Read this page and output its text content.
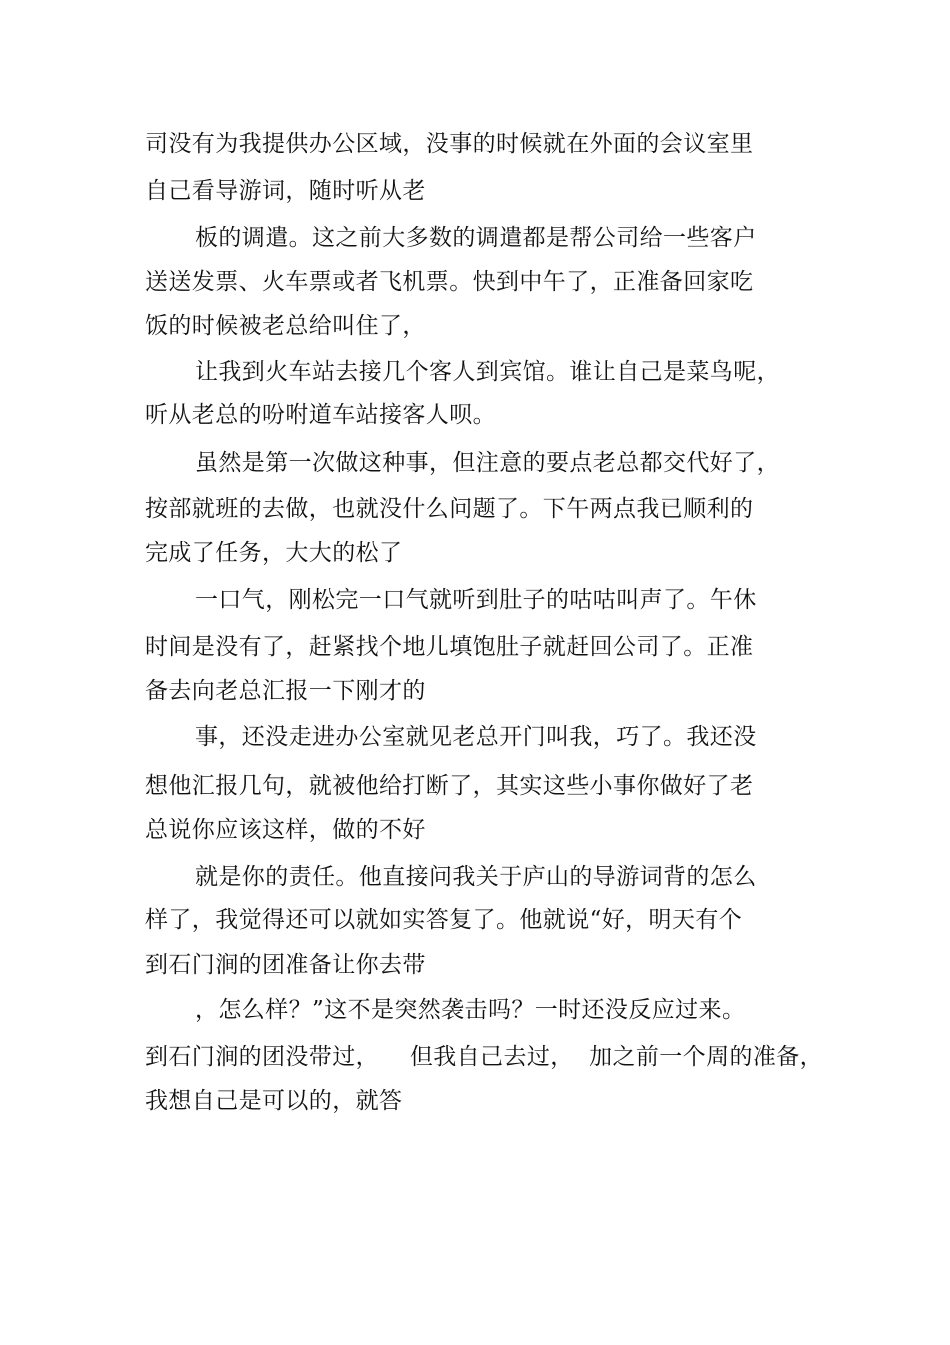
司没有为我提供办公区域，没事的时候就在外面的会议室里
自己看导游词，随时听从老
板的调遣。这之前大多数的调遣都是帮公司给一些客户
送送发票、火车票或者飞机票。快到中午了，正准备回家吃
饭的时候被老总给叫住了，
让我到火车站去接几个客人到宾馆。谁让自己是菜鸟呢，
听从老总的吩咐道车站接客人呗。
虽然是第一次做这种事，但注意的要点老总都交代好了，
按部就班的去做，也就没什么问题了。下午两点我已顺利的
完成了任务，大大的松了
一口气，刚松完一口气就听到肚子的咕咕叫声了。午休
时间是没有了，赶紧找个地儿填饱肚子就赶回公司了。正准
备去向老总汇报一下刚才的
事，还没走进办公室就见老总开门叫我，巧了。我还没
想他汇报几句，就被他给打断了，其实这些小事你做好了老
总说你应该这样，做的不好
就是你的责任。他直接问我关于庐山的导游词背的怎么
样了，我觉得还可以就如实答复了。他就说“好，明天有个
到石门涧的团准备让你去带
，怎么样？”这不是突然袭击吗？一时还没反应过来。
到石门涧的团没带过，    但我自己去过，  加之前一个周的准备，
我想自己是可以的，就答
